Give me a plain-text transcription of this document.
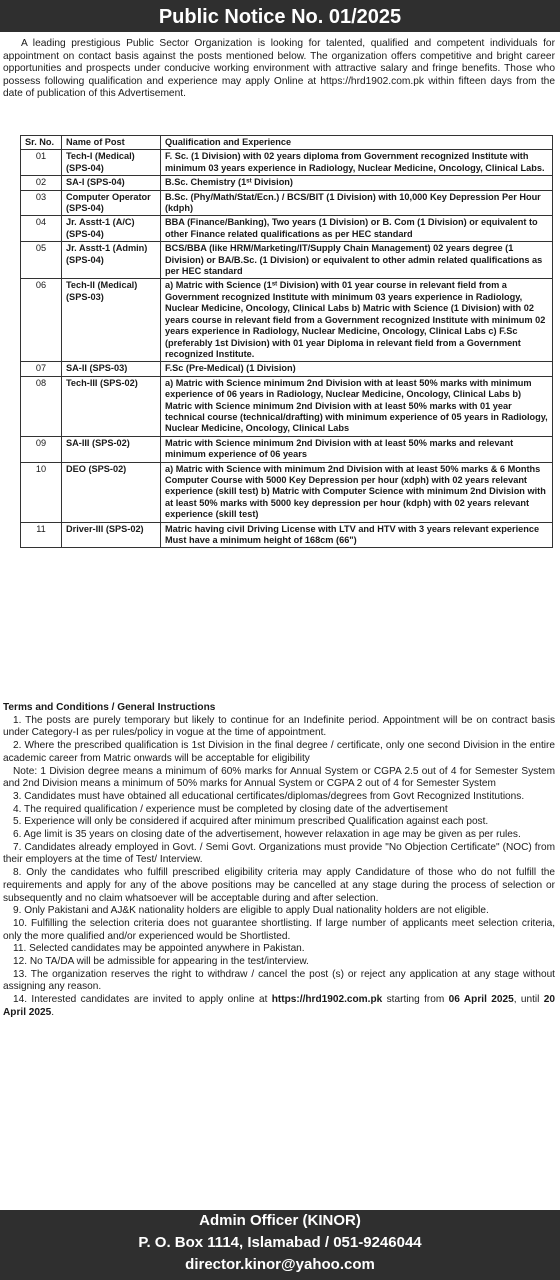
Public Notice No. 01/2025
A leading prestigious Public Sector Organization is looking for talented, qualified and competent individuals for appointment on contact basis against the posts mentioned below. The organization offers competitive and bright career opportunities and prospects under conducive working environment with attractive salary and fringe benefits. Those who possess following qualification and experience may apply Online at https://hrd1902.com.pk within fifteen days from the date of publication of this Advertisement.
Sr. No.	Name of Post	Qualification and Experience
01	Tech-I (Medical) (SPS-04)	F. Sc. (1 Division) with 02 years diploma from Government recognized Institute with minimum 03 years experience in Radiology, Nuclear Medicine, Oncology, Clinical Labs.
02	SA-I (SPS-04)	B.Sc. Chemistry (1ˢᵗ Division)
03	Computer Operator (SPS-04)	B.Sc. (Phy/Math/Stat/Ecn.) / BCS/BIT (1 Division) with 10,000 Key Depression Per Hour (kdph)
04	Jr. Asstt-1 (A/C) (SPS-04)	BBA (Finance/Banking), Two years (1 Division) or B. Com (1 Division) or equivalent to other Finance related qualifications as per HEC standard
05	Jr. Asstt-1 (Admin) (SPS-04)	BCS/BBA (like HRM/Marketing/IT/Supply Chain Management) 02 years degree (1 Division) or BA/B.Sc. (1 Division) or equivalent to other admin related qualifications as per HEC standard
06	Tech-II (Medical) (SPS-03)	a) Matric with Science (1ˢᵗ Division) with 01 year course in relevant field from a Government recognized Institute with minimum 03 years experience in Radiology, Nuclear Medicine, Oncology, Clinical Labs b) Matric with Science (1 Division) with 02 years course in relevant field from a Government recognized Institute with minimum 02 years experience in Radiology, Nuclear Medicine, Oncology, Clinical Labs c) F.Sc (preferably 1st Division) with 01 year Diploma in relevant field from a Government recognized Institute.
07	SA-II (SPS-03)	F.Sc (Pre-Medical) (1 Division)
08	Tech-III (SPS-02)	a) Matric with Science minimum 2nd Division with at least 50% marks with minimum experience of 06 years in Radiology, Nuclear Medicine, Oncology, Clinical Labs b) Matric with Science minimum 2nd Division with at least 50% marks with 01 year technical course (technical/drafting) with minimum experience of 05 years in Radiology, Nuclear Medicine, Oncology, Clinical Labs
09	SA-III (SPS-02)	Matric with Science minimum 2nd Division with at least 50% marks and relevant minimum experience of 06 years
10	DEO (SPS-02)	a) Matric with Science with minimum 2nd Division with at least 50% marks & 6 Months Computer Course with 5000 Key Depression per hour (xdph) with 02 years relevant experience (skill test) b) Matric with Computer Science with minimum 2nd Division with at least 50% marks with 5000 key depression per hour (kdph) with 02 years relevant experience (skill test)
11	Driver-III (SPS-02)	Matric having civil Driving License with LTV and HTV with 3 years relevant experience Must have a minimum height of 168cm (66")
Terms and Conditions / General Instructions

1. The posts are purely temporary but likely to continue for an Indefinite period. Appointment will be on contract basis under Category-I as per rules/policy in vogue at the time of appointment.

2. Where the prescribed qualification is 1st Division in the final degree / certificate, only one second Division in the entire academic career from Matric onwards will be acceptable for eligibility

Note: 1 Division degree means a minimum of 60% marks for Annual System or CGPA 2.5 out of 4 for Semester System and 2nd Division means a minimum of 50% marks for Annual System or CGPA 2 out of 4 for Semester System

3. Candidates must have obtained all educational certificates/diplomas/degrees from Govt Recognized Institutions.

4. The required qualification / experience must be completed by closing date of the advertisement

5. Experience will only be considered if acquired after minimum prescribed Qualification against each post.

6. Age limit is 35 years on closing date of the advertisement, however relaxation in age may be given as per rules.

7. Candidates already employed in Govt. / Semi Govt. Organizations must provide "No Objection Certificate" (NOC) from their employers at the time of Test/ Interview.

8. Only the candidates who fulfill prescribed eligibility criteria may apply Candidature of those who do not fulfill the requirements and apply for any of the above positions may be cancelled at any stage during the process of selection or subsequently and no claim whatsoever will be acceptable during and after selection.

9. Only Pakistani and AJ&K nationality holders are eligible to apply Dual nationality holders are not eligible.

10. Fulfilling the selection criteria does not guarantee shortlisting. If large number of applicants meet selection criteria, only the more qualified and/or experienced would be Shortlisted.

11. Selected candidates may be appointed anywhere in Pakistan.

12. No TA/DA will be admissible for appearing in the test/interview.

13. The organization reserves the right to withdraw / cancel the post (s) or reject any application at any stage without assigning any reason.

14. Interested candidates are invited to apply online at https://hrd1902.com.pk starting from 06 April 2025, until 20 April 2025.

Admin Officer (KINOR)
P. O. Box 1114, Islamabad / 051-9246044
director.kinor@yahoo.com
